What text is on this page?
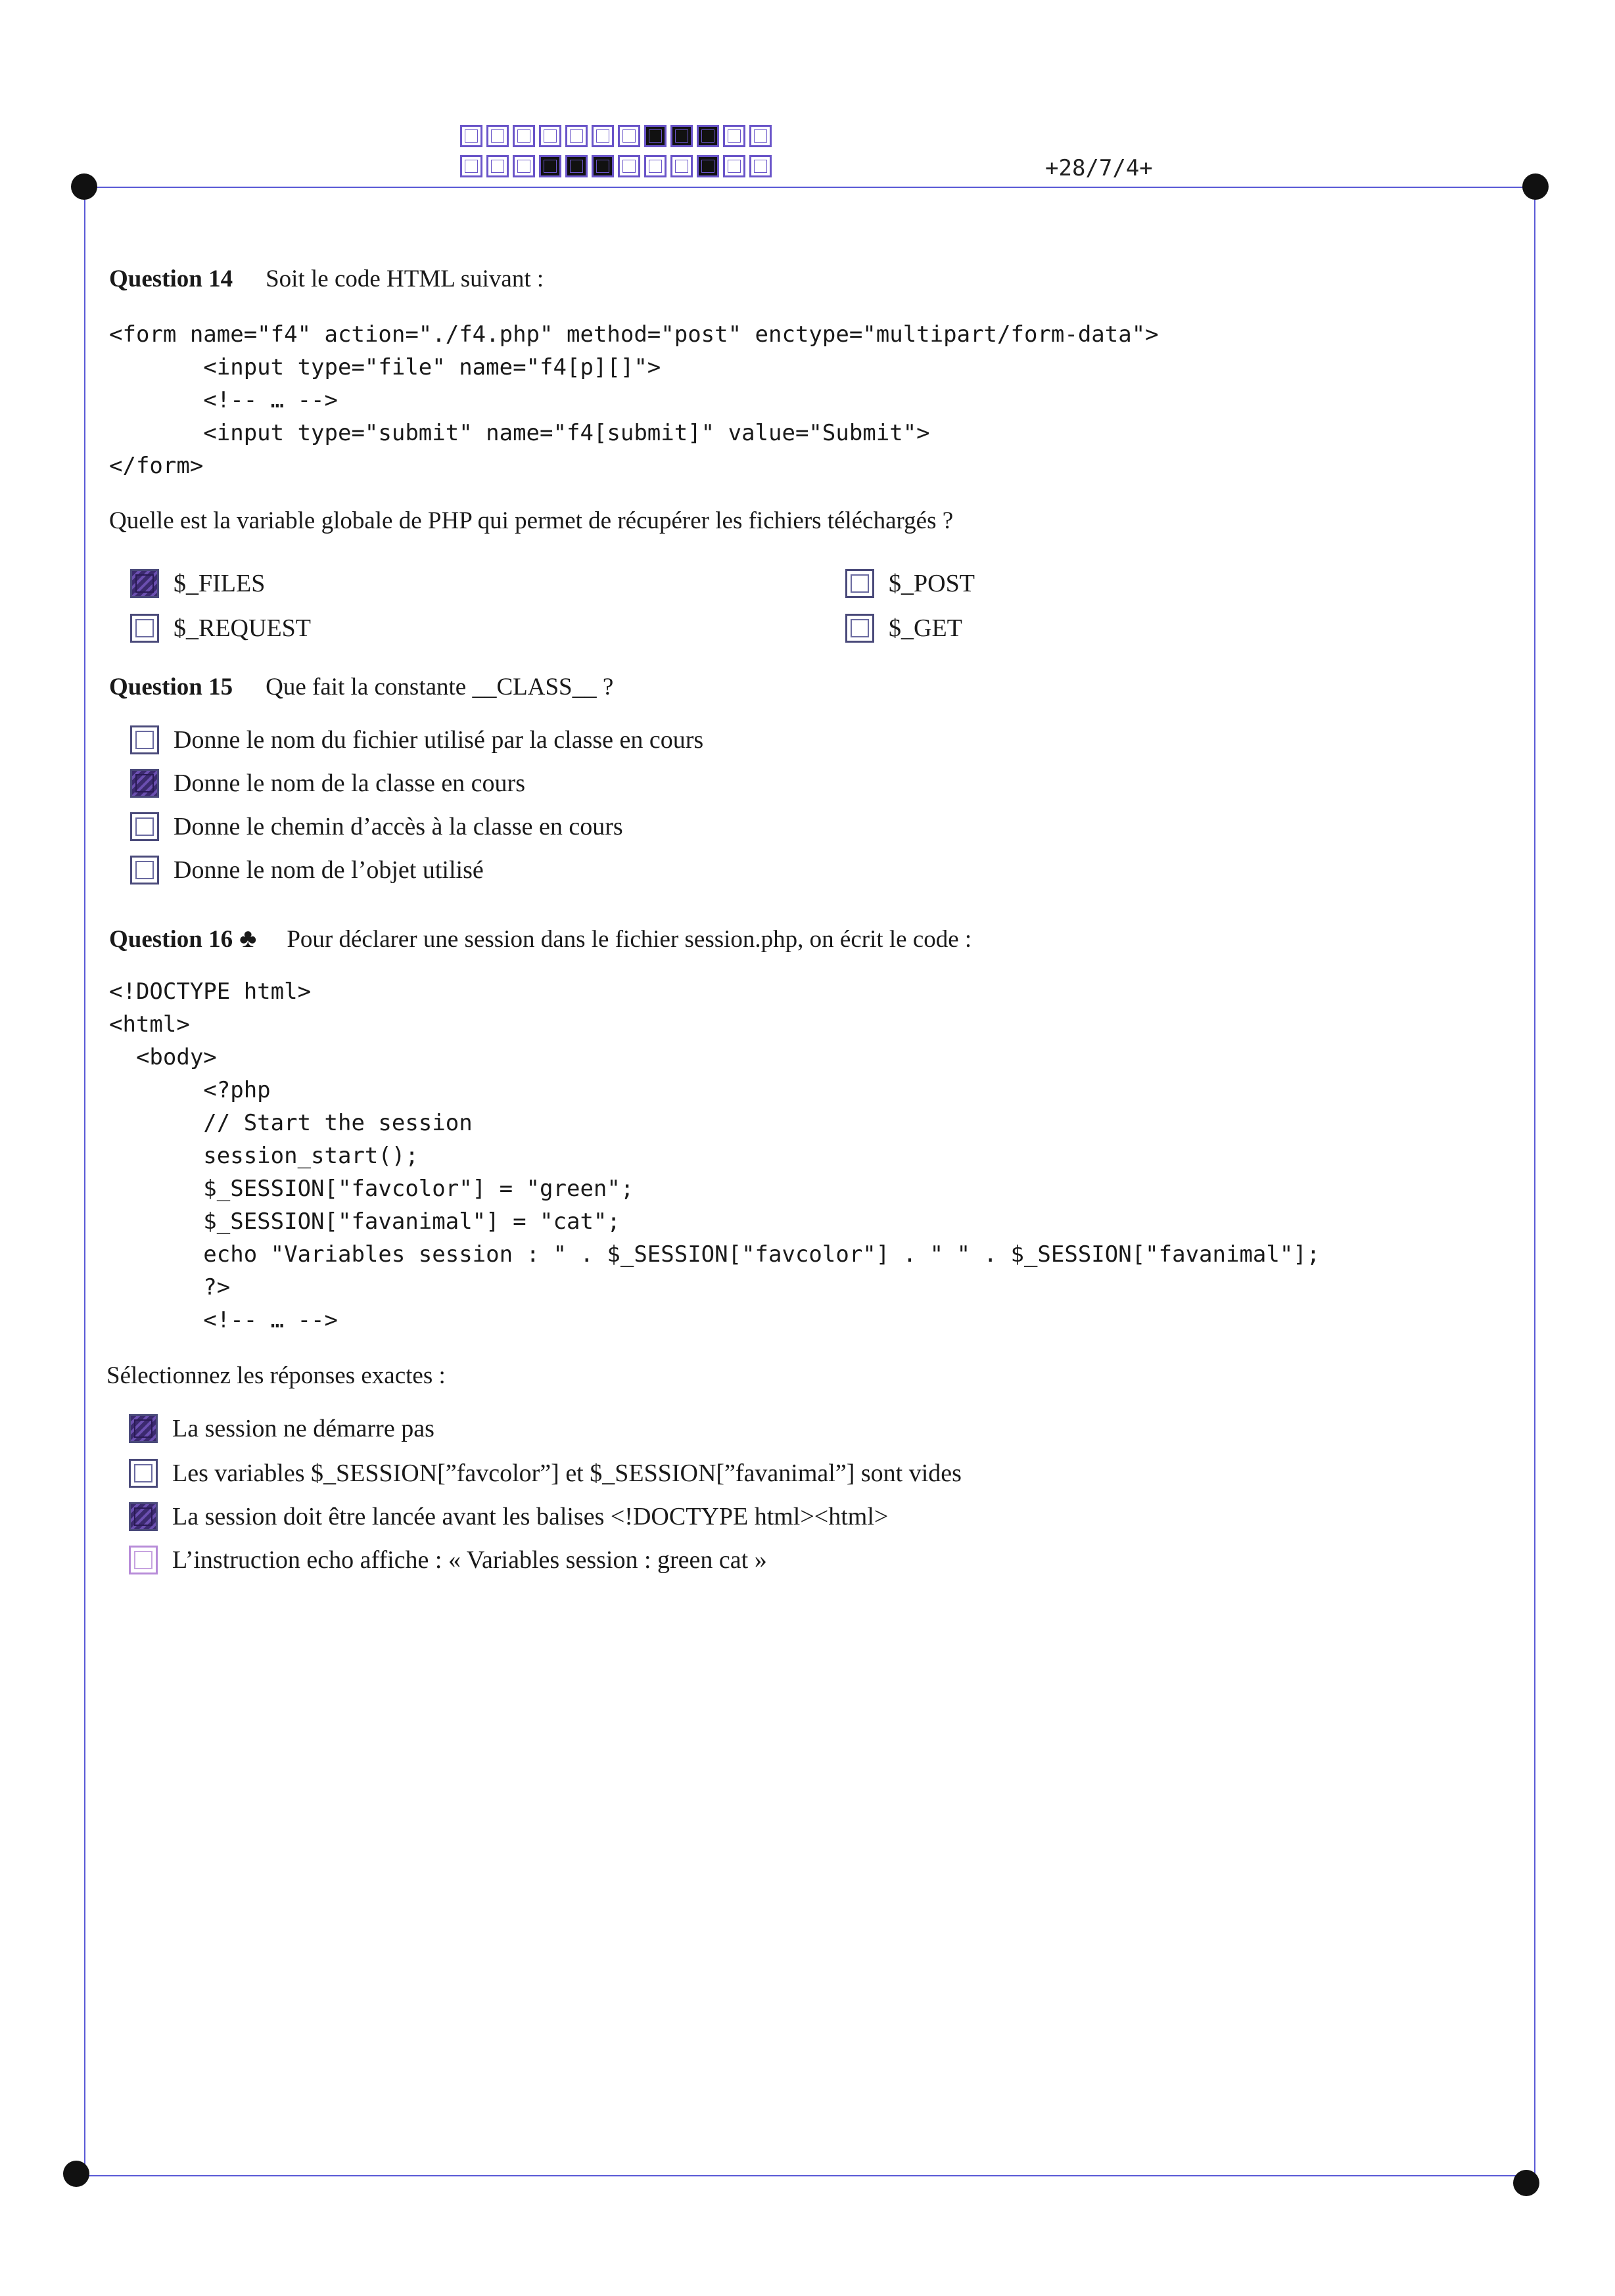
+28/7/4+
Question 14 Soit le code HTML suivant :
<form name="f4" action="./f4.php" method="post" enctype="multipart/form-data">
<input type="file" name="f4[p][]">
<!-- … -->
<input type="submit" name="f4[submit]" value="Submit">
</form>
Quelle est la variable globale de PHP qui permet de récupérer les fichiers téléchargés ?
$_FILES
$_REQUEST
$_POST
$_GET
Question 15 Que fait la constante __CLASS__ ?
Donne le nom du fichier utilisé par la classe en cours
Donne le nom de la classe en cours
Donne le chemin d’accès à la classe en cours
Donne le nom de l’objet utilisé
Question 16 ♣ Pour déclarer une session dans le fichier session.php, on écrit le code :
<!DOCTYPE html>
<html>
<body>
<?php
// Start the session
session_start();
$_SESSION["favcolor"] = "green";
$_SESSION["favanimal"] = "cat";
echo "Variables session : " . $_SESSION["favcolor"] . " " . $_SESSION["favanimal"];
?>
<!-- … -->
Sélectionnez les réponses exactes :
La session ne démarre pas
Les variables $_SESSION[”favcolor”] et $_SESSION[”favanimal”] sont vides
La session doit être lancée avant les balises <!DOCTYPE html><html>
L’instruction echo affiche : « Variables session : green cat »
